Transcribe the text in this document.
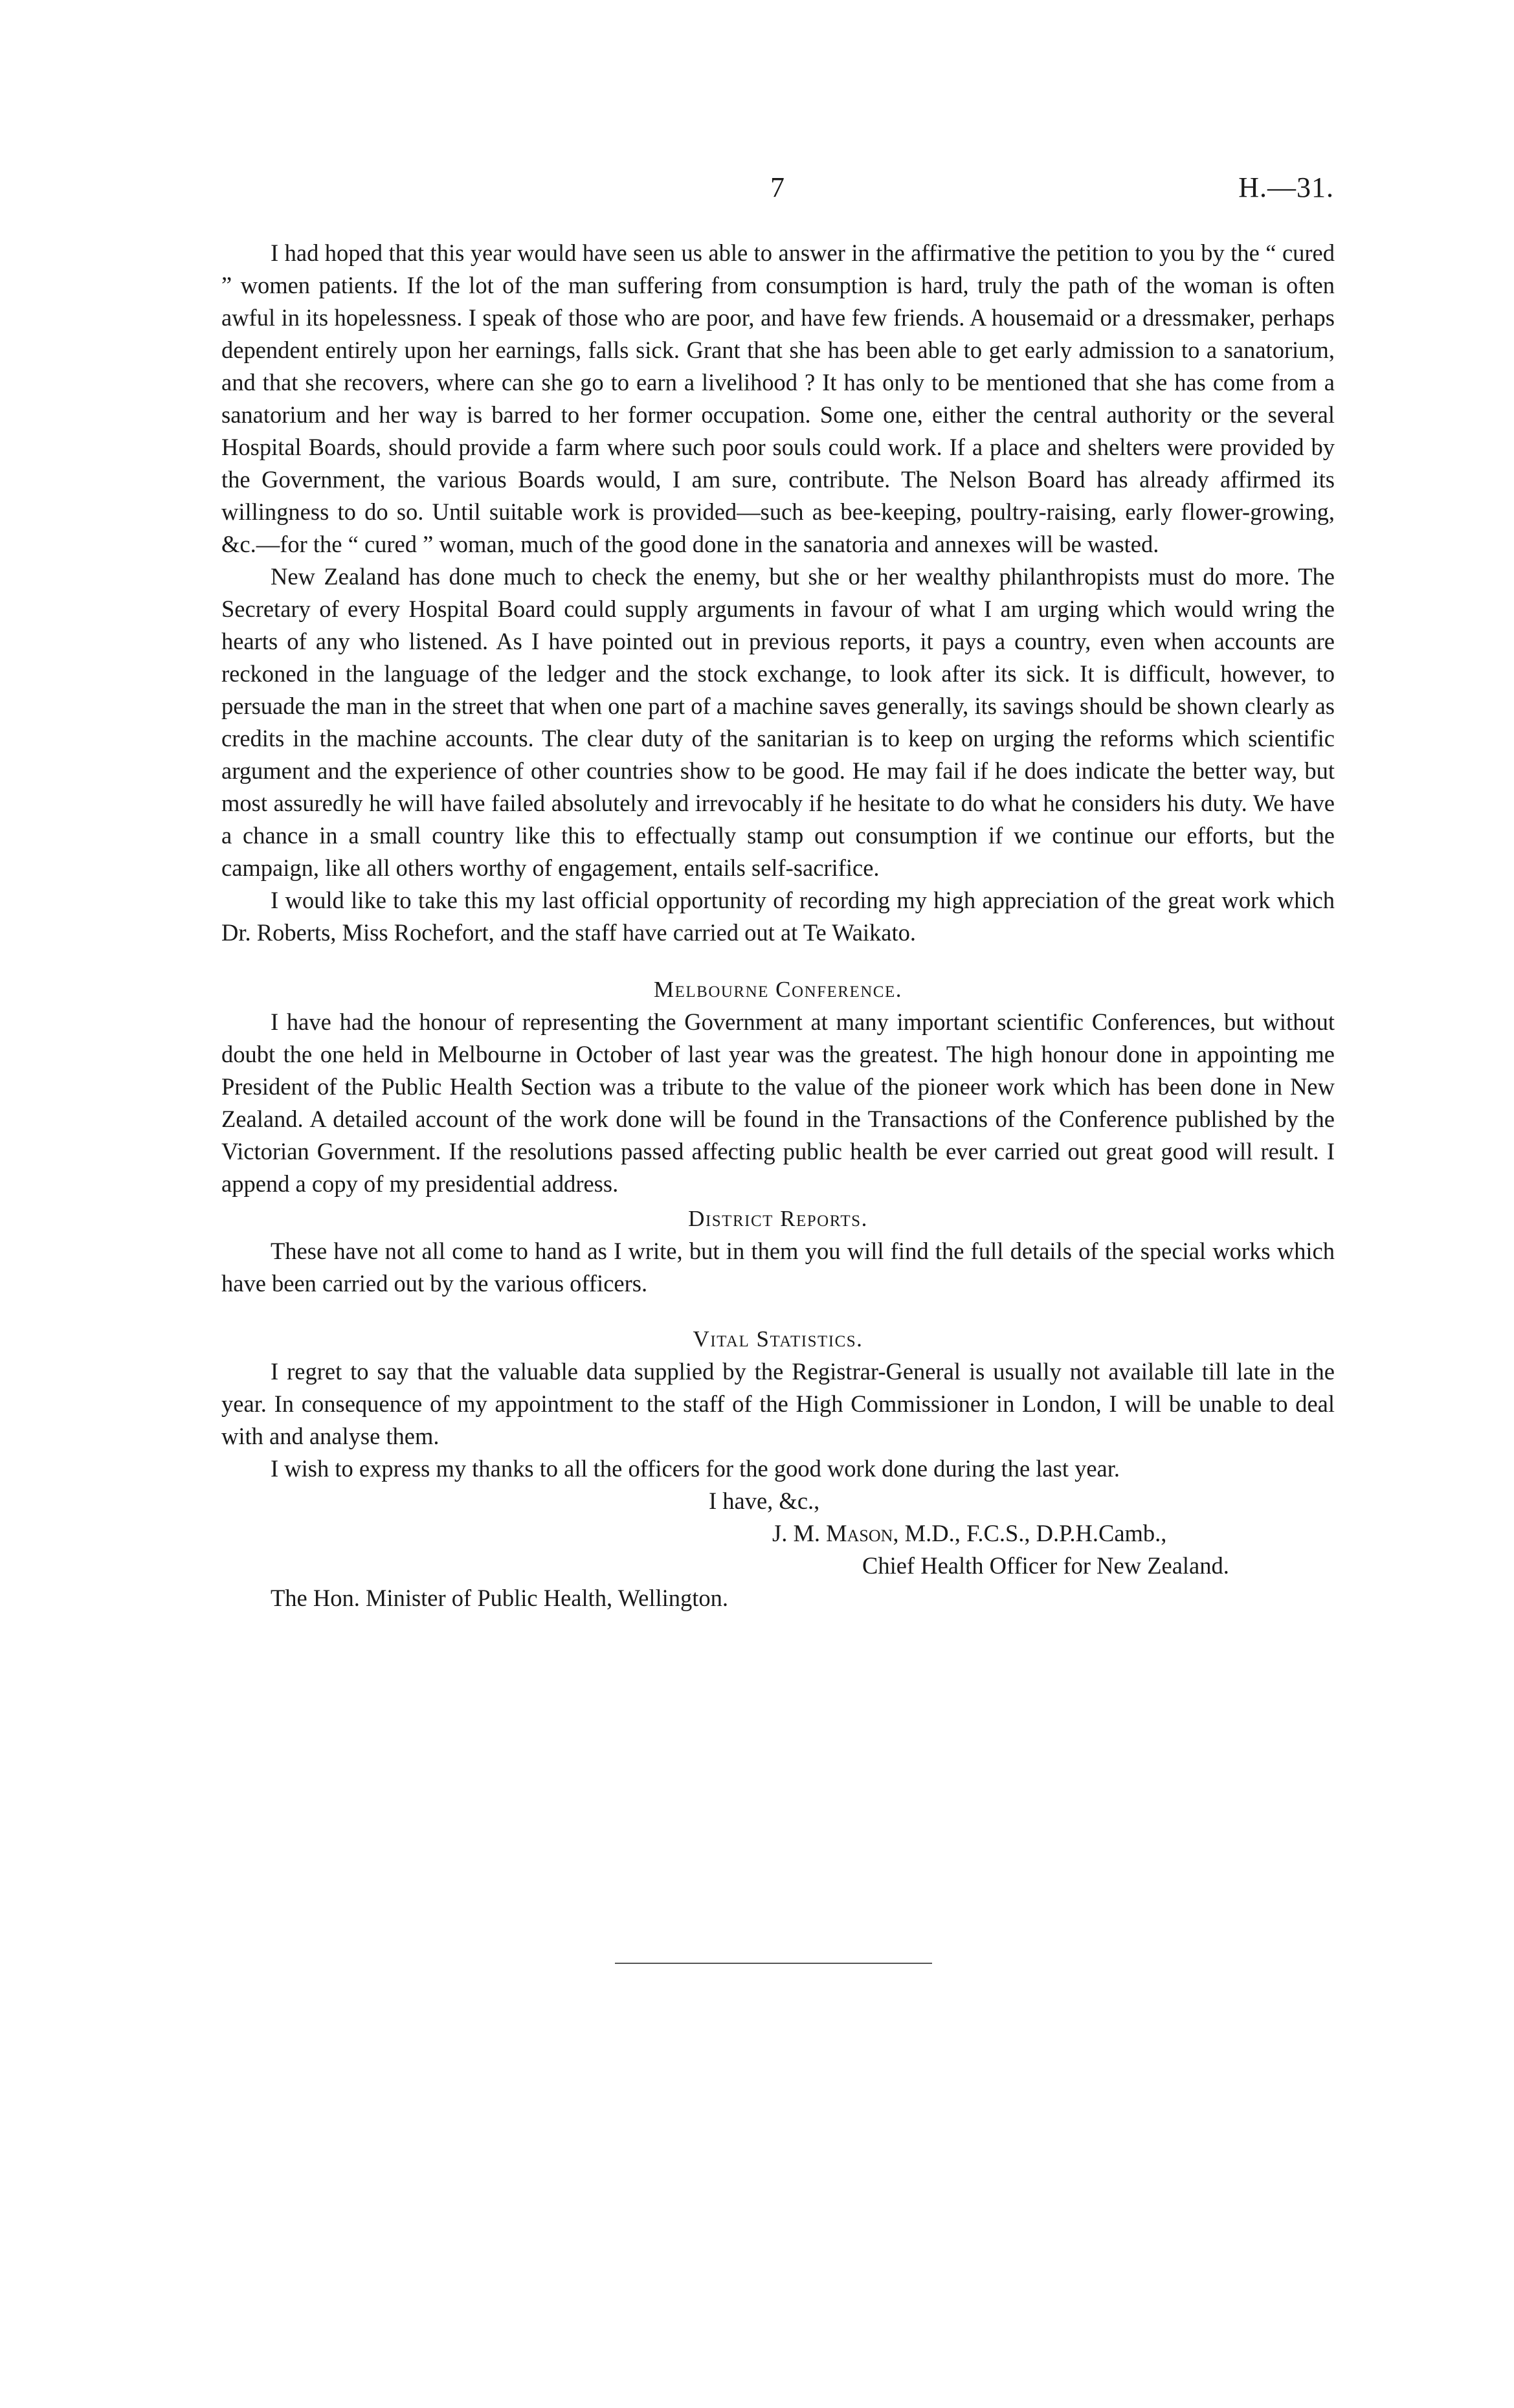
7	H.—31.

I had hoped that this year would have seen us able to answer in the affirmative the petition to you by the “ cured ” women patients. If the lot of the man suffering from consumption is hard, truly the path of the woman is often awful in its hopelessness. I speak of those who are poor, and have few friends. A housemaid or a dressmaker, perhaps dependent entirely upon her earnings, falls sick. Grant that she has been able to get early admission to a sanatorium, and that she recovers, where can she go to earn a livelihood ? It has only to be mentioned that she has come from a sanatorium and her way is barred to her former occupation. Some one, either the central authority or the several Hospital Boards, should provide a farm where such poor souls could work. If a place and shelters were provided by the Government, the various Boards would, I am sure, contribute. The Nelson Board has already affirmed its willingness to do so. Until suitable work is provided—such as bee-keeping, poultry-raising, early flower-growing, &c.—for the “ cured ” woman, much of the good done in the sanatoria and annexes will be wasted.

New Zealand has done much to check the enemy, but she or her wealthy philanthropists must do more. The Secretary of every Hospital Board could supply arguments in favour of what I am urging which would wring the hearts of any who listened. As I have pointed out in previous reports, it pays a country, even when accounts are reckoned in the language of the ledger and the stock exchange, to look after its sick. It is difficult, however, to persuade the man in the street that when one part of a machine saves generally, its savings should be shown clearly as credits in the machine accounts. The clear duty of the sanitarian is to keep on urging the reforms which scientific argument and the experience of other countries show to be good. He may fail if he does indicate the better way, but most assuredly he will have failed absolutely and irrevocably if he hesitate to do what he considers his duty. We have a chance in a small country like this to effectually stamp out consumption if we continue our efforts, but the campaign, like all others worthy of engagement, entails self-sacrifice.

I would like to take this my last official opportunity of recording my high appreciation of the great work which Dr. Roberts, Miss Rochefort, and the staff have carried out at Te Waikato.

Melbourne Conference.

I have had the honour of representing the Government at many important scientific Conferences, but without doubt the one held in Melbourne in October of last year was the greatest. The high honour done in appointing me President of the Public Health Section was a tribute to the value of the pioneer work which has been done in New Zealand. A detailed account of the work done will be found in the Transactions of the Conference published by the Victorian Government. If the resolutions passed affecting public health be ever carried out great good will result. I append a copy of my presidential address.

District Reports.

These have not all come to hand as I write, but in them you will find the full details of the special works which have been carried out by the various officers.

Vital Statistics.

I regret to say that the valuable data supplied by the Registrar-General is usually not available till late in the year. In consequence of my appointment to the staff of the High Commissioner in London, I will be unable to deal with and analyse them.

I wish to express my thanks to all the officers for the good work done during the last year.

I have, &c.,

J. M. Mason, M.D., F.C.S., D.P.H.Camb.,

Chief Health Officer for New Zealand.

The Hon. Minister of Public Health, Wellington.
